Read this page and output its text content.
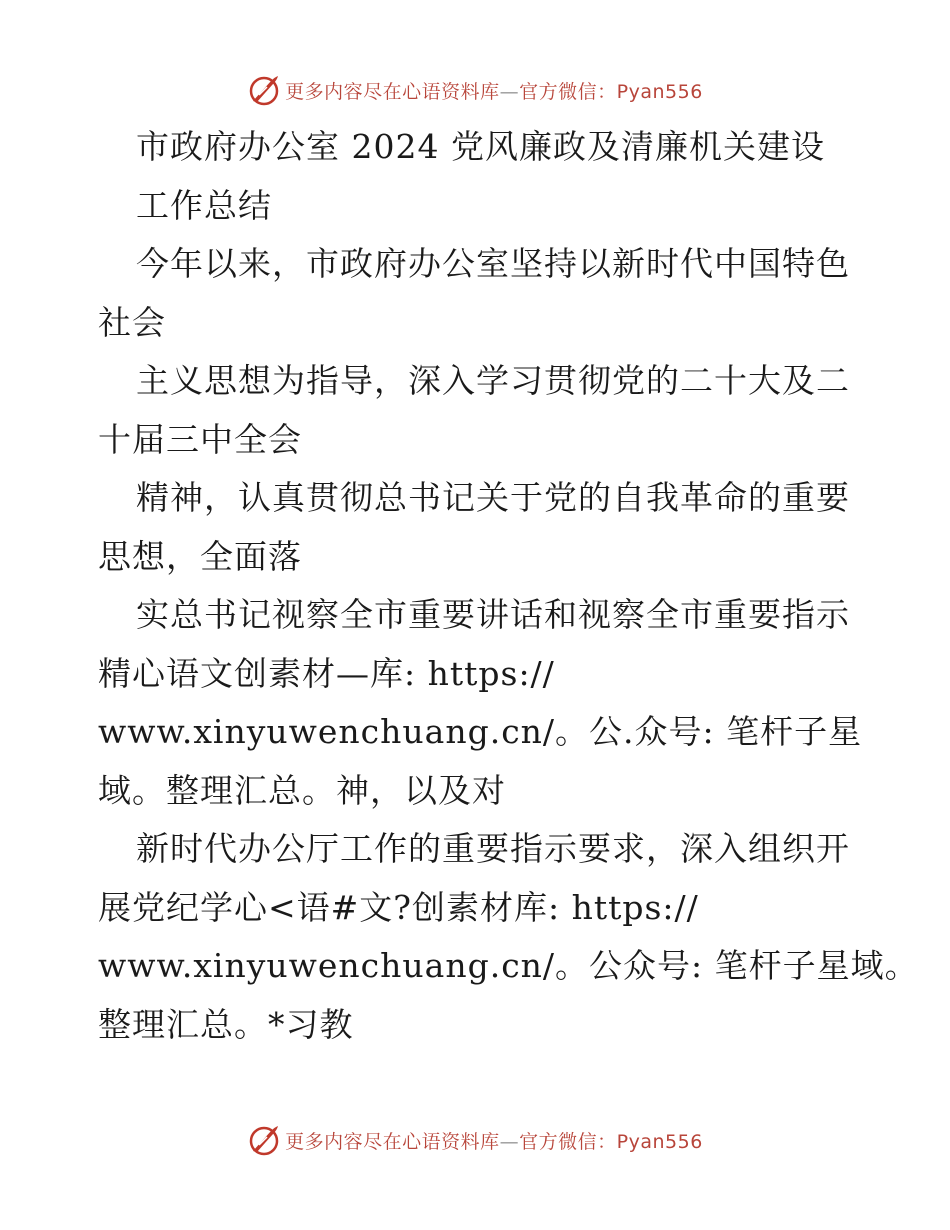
更多内容尽在心语资料库—官方微信：Pyan556
市政府办公室 2024 党风廉政及清廉机关建设
工作总结
今年以来，市政府办公室坚持以新时代中国特色
社会
主义思想为指导，深入学习贯彻党的二十大及二
十届三中全会
精神，认真贯彻总书记关于党的自我革命的重要
思想，全面落
实总书记视察全市重要讲话和视察全市重要指示
精心语文创素材—库: https://
www.xinyuwenchuang.cn/。公.众号: 笔杆子星
域。整理汇总。神，以及对
新时代办公厅工作的重要指示要求，深入组织开
展党纪学心<语#文?创素材库: https://
www.xinyuwenchuang.cn/。公众号: 笔杆子星域。
整理汇总。*习教
更多内容尽在心语资料库—官方微信：Pyan556
